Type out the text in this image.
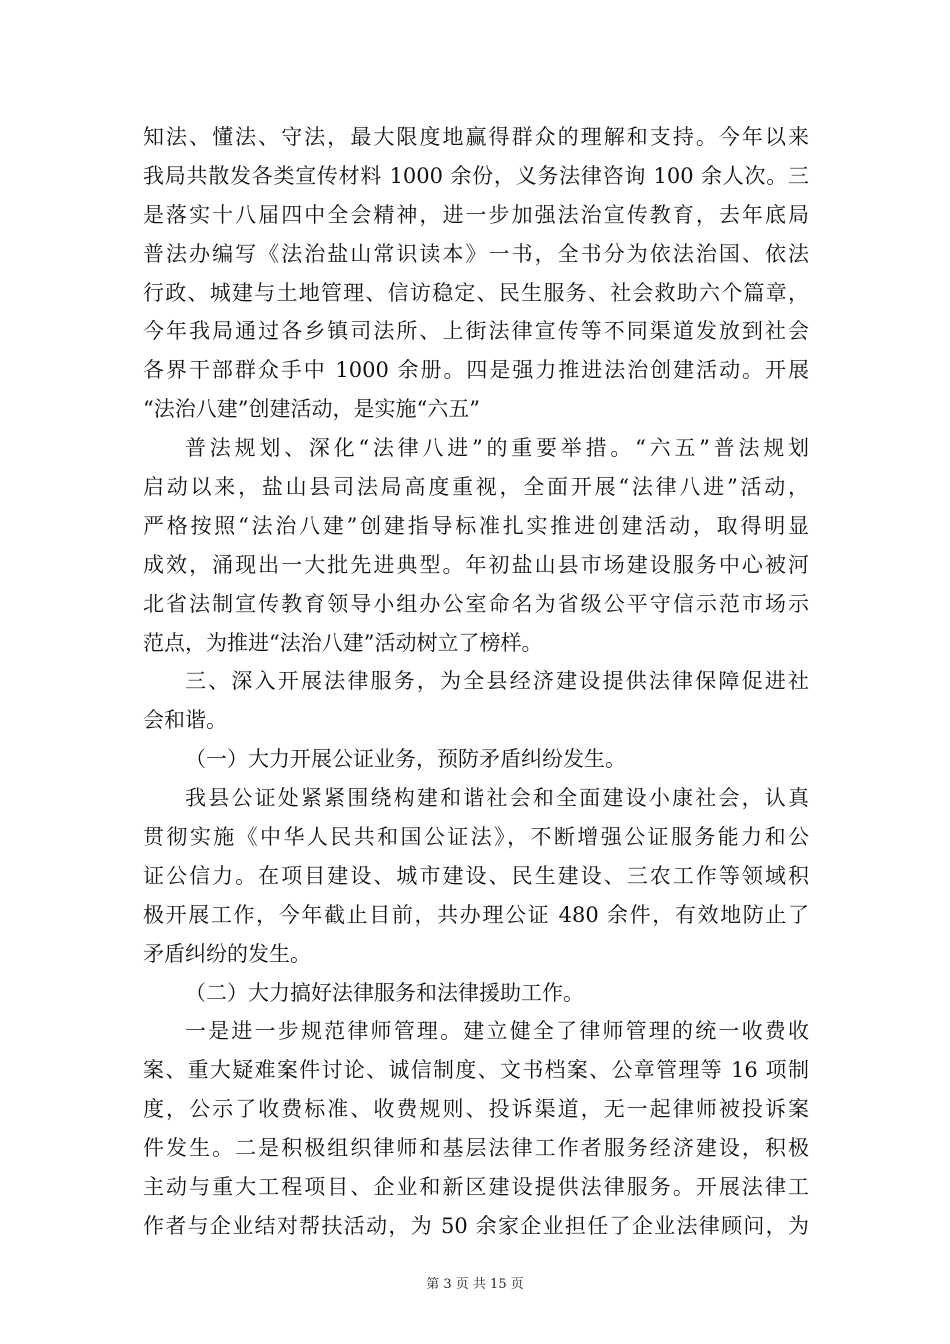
知法、懂法、守法，最大限度地赢得群众的理解和支持。今年以来
我局共散发各类宣传材料 1000 余份，义务法律咨询 100 余人次。三
是落实十八届四中全会精神，进一步加强法治宣传教育，去年底局
普法办编写《法治盐山常识读本》一书，全书分为依法治国、依法
行政、城建与土地管理、信访稳定、民生服务、社会救助六个篇章，
今年我局通过各乡镇司法所、上街法律宣传等不同渠道发放到社会
各界干部群众手中 1000 余册。四是强力推进法治创建活动。开展
“法治八建”创建活动，是实施“六五”
普法规划、深化“法律八进”的重要举措。“六五”普法规划
启动以来，盐山县司法局高度重视，全面开展“法律八进”活动，
严格按照“法治八建”创建指导标准扎实推进创建活动，取得明显
成效，涌现出一大批先进典型。年初盐山县市场建设服务中心被河
北省法制宣传教育领导小组办公室命名为省级公平守信示范市场示
范点，为推进“法治八建”活动树立了榜样。
三、深入开展法律服务，为全县经济建设提供法律保障促进社
会和谐。
（一）大力开展公证业务，预防矛盾纠纷发生。
我县公证处紧紧围绕构建和谐社会和全面建设小康社会，认真
贯彻实施《中华人民共和国公证法》，不断增强公证服务能力和公
证公信力。在项目建设、城市建设、民生建设、三农工作等领域积
极开展工作，今年截止目前，共办理公证 480 余件，有效地防止了
矛盾纠纷的发生。
（二）大力搞好法律服务和法律援助工作。
一是进一步规范律师管理。建立健全了律师管理的统一收费收
案、重大疑难案件讨论、诚信制度、文书档案、公章管理等 16 项制
度，公示了收费标准、收费规则、投诉渠道，无一起律师被投诉案
件发生。二是积极组织律师和基层法律工作者服务经济建设，积极
主动与重大工程项目、企业和新区建设提供法律服务。开展法律工
作者与企业结对帮扶活动，为 50 余家企业担任了企业法律顾问，为
第 3 页 共 15 页
